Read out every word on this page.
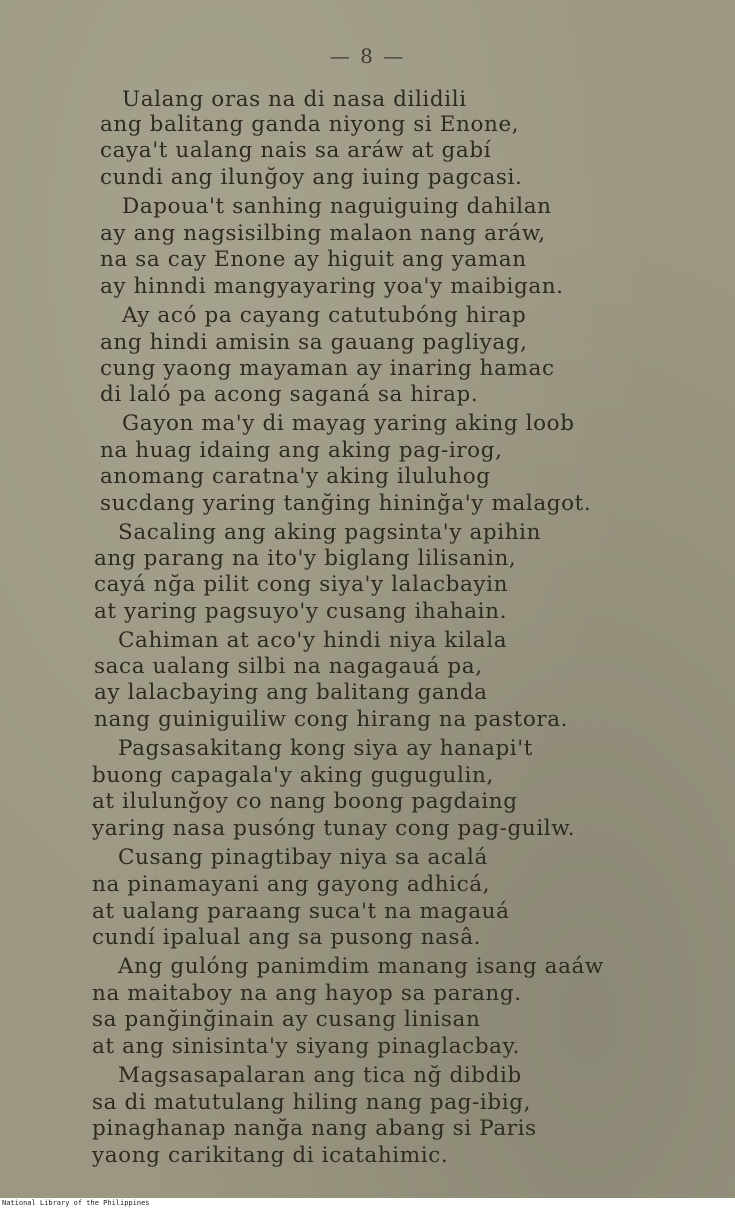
— 8 —
Ualang oras na di nasa dilidili
ang balitang ganda niyong si Enone,
caya't ualang nais sa aráw at gabí
cundi ang ilunğoy ang iuing pagcasi.
Dapoua't sanhing naguiguing dahilan
ay ang nagsisilbing malaon nang aráw,
na sa cay Enone ay higuit ang yaman
ay hinndi mangyayaring yoa'y maibigan.
Ay acó pa cayang catutubóng hirap
ang hindi amisin sa gauang pagliyag,
cung yaong mayaman ay inaring hamac
di laló pa acong saganá sa hirap.
Gayon ma'y di mayag yaring aking loob
na huag idaing ang aking pag-irog,
anomang caratna'y aking iluluhog
sucdang yaring tanğing hininğa'y malagot.
Sacaling ang aking pagsinta'y apihin
ang parang na ito'y biglang lilisanin,
cayá nğa pilit cong siya'y lalacbayin
at yaring pagsuyo'y cusang ihahain.
Cahiman at aco'y hindi niya kilala
saca ualang silbi na nagagauá pa,
ay lalacbaying ang balitang ganda
nang guiniguiliw cong hirang na pastora.
Pagsasakitang kong siya ay hanapi't
buong capagala'y aking gugugulin,
at ilulunğoy co nang boong pagdaing
yaring nasa pusóng tunay cong pag-guilw.
Cusang pinagtibay niya sa acalá
na pinamayani ang gayong adhicá,
at ualang paraang suca't na magauá
cundí ipalual ang sa pusong nasâ.
Ang gulóng panimdim manang isang aaáw
na maitaboy na ang hayop sa parang.
sa panğinğinain ay cusang linisan
at ang sinisinta'y siyang pinaglacbay.
Magsasapalaran ang tica nğ dibdib
sa di matutulang hiling nang pag-ibig,
pinaghanap nanğa nang abang si Paris
yaong carikitang di icatahimic.
National Library of the Philippines
